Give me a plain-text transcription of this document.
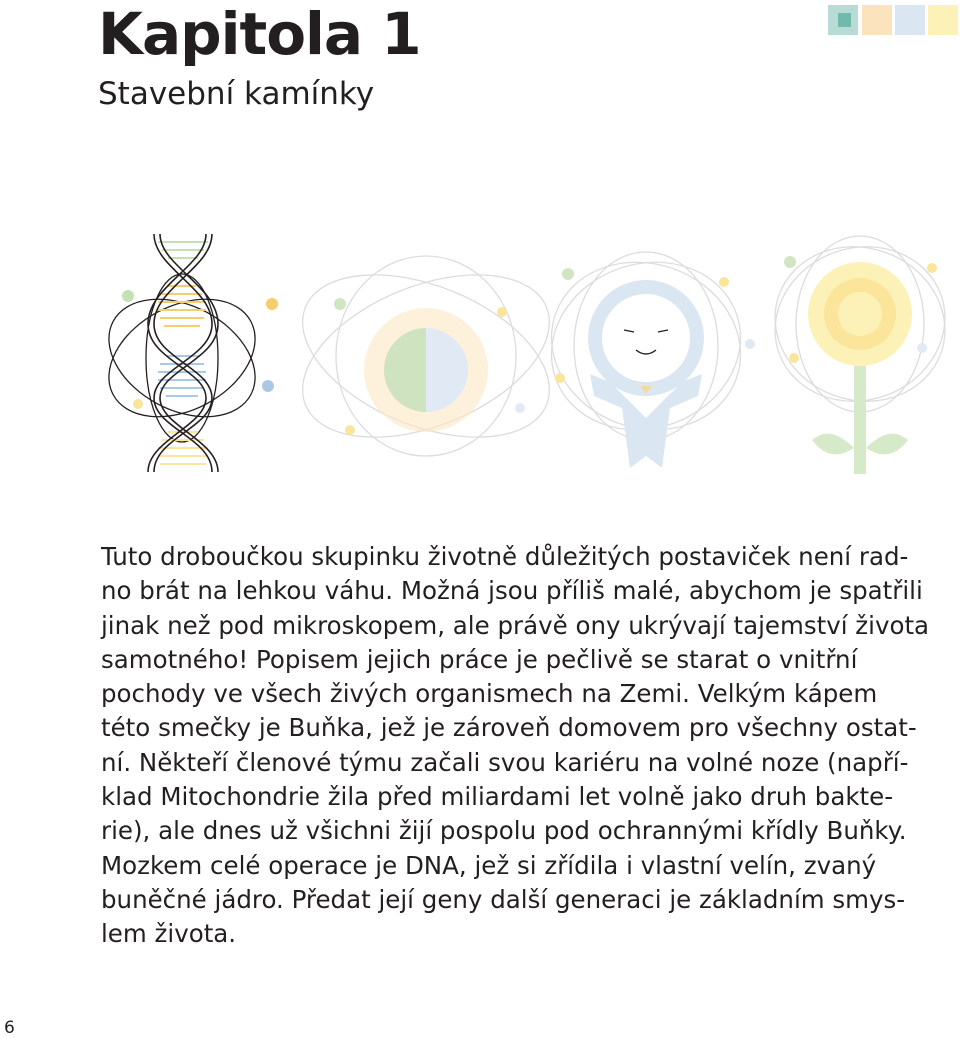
Kapitola 1
Stavební kamínky

Tuto droboučkou skupinku životně důležitých postaviček není rad-
no brát na lehkou váhu. Možná jsou příliš malé, abychom je spatřili
jinak než pod mikroskopem, ale právě ony ukrývají tajemství života
samotného! Popisem jejich práce je pečlivě se starat o vnitřní
pochody ve všech živých organismech na Zemi. Velkým kápem
této smečky je Buňka, jež je zároveň domovem pro všechny ostat-
ní. Někteří členové týmu začali svou kariéru na volné noze (napří-
klad Mitochondrie žila před miliardami let volně jako druh bakte-
rie), ale dnes už všichni žijí pospolu pod ochrannými křídly Buňky.
Mozkem celé operace je DNA, jež si zřídila i vlastní velín, zvaný
buněčné jádro. Předat její geny další generaci je základním smys-
lem života.

6
